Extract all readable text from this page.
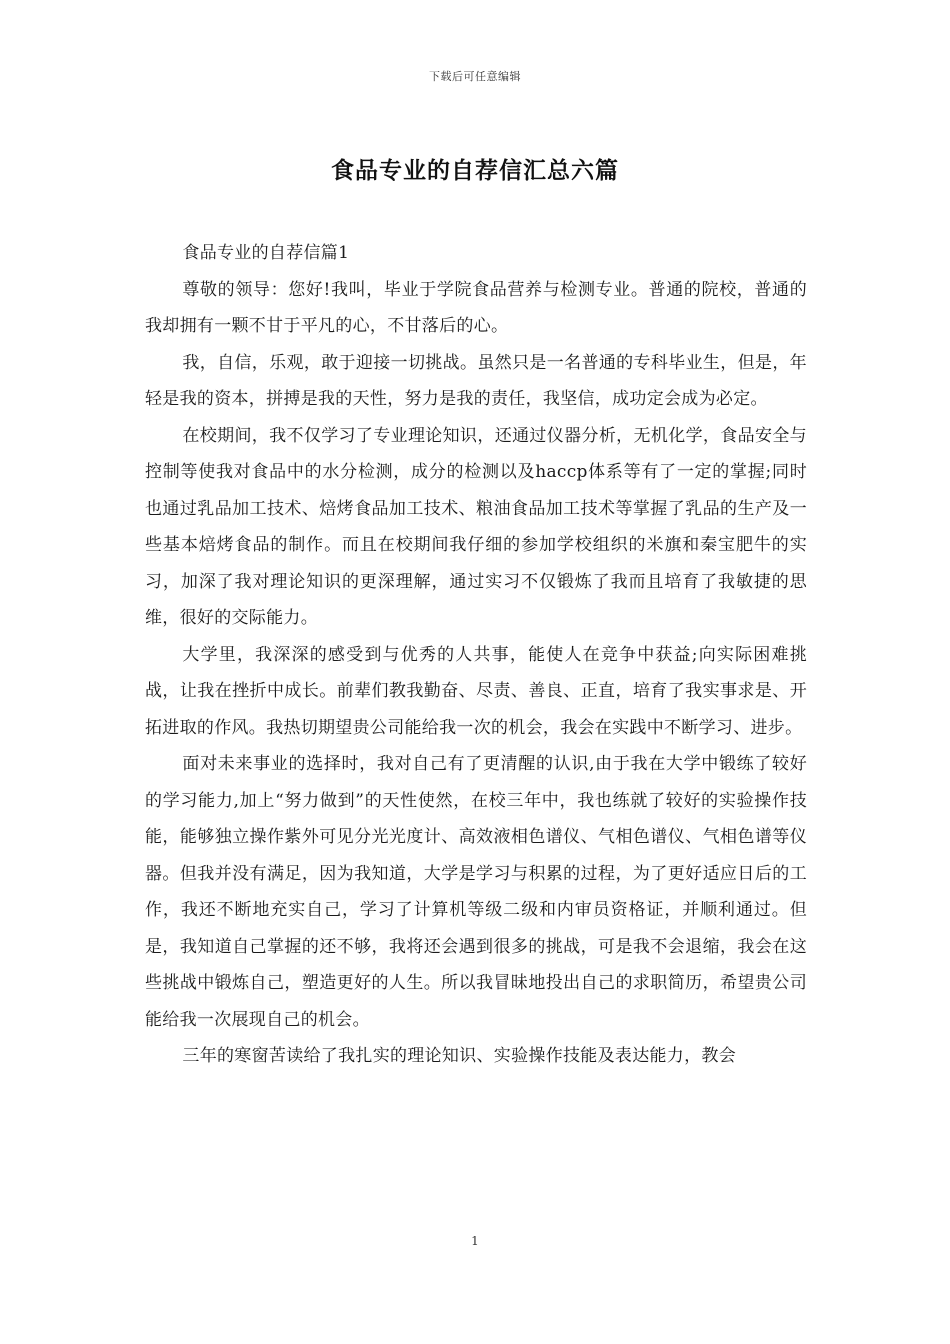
下载后可任意编辑
食品专业的自荐信汇总六篇

食品专业的自荐信篇1

尊敬的领导：您好!我叫，毕业于学院食品营养与检测专业。普通的院校，普通的我却拥有一颗不甘于平凡的心，不甘落后的心。

我，自信，乐观，敢于迎接一切挑战。虽然只是一名普通的专科毕业生，但是，年轻是我的资本，拼搏是我的天性，努力是我的责任，我坚信，成功定会成为必定。

在校期间，我不仅学习了专业理论知识，还通过仪器分析，无机化学，食品安全与控制等使我对食品中的水分检测，成分的检测以及haccp体系等有了一定的掌握;同时也通过乳品加工技术、焙烤食品加工技术、粮油食品加工技术等掌握了乳品的生产及一些基本焙烤食品的制作。而且在校期间我仔细的参加学校组织的米旗和秦宝肥牛的实习，加深了我对理论知识的更深理解，通过实习不仅锻炼了我而且培育了我敏捷的思维，很好的交际能力。

大学里，我深深的感受到与优秀的人共事，能使人在竞争中获益;向实际困难挑战，让我在挫折中成长。前辈们教我勤奋、尽责、善良、正直，培育了我实事求是、开拓进取的作风。我热切期望贵公司能给我一次的机会，我会在实践中不断学习、进步。

面对未来事业的选择时，我对自己有了更清醒的认识,由于我在大学中锻练了较好的学习能力,加上“努力做到”的天性使然，在校三年中，我也练就了较好的实验操作技能，能够独立操作紫外可见分光光度计、高效液相色谱仪、气相色谱仪、气相色谱等仪器。但我并没有满足，因为我知道，大学是学习与积累的过程，为了更好适应日后的工作，我还不断地充实自己，学习了计算机等级二级和内审员资格证，并顺利通过。但是，我知道自己掌握的还不够，我将还会遇到很多的挑战，可是我不会退缩，我会在这些挑战中锻炼自己，塑造更好的人生。所以我冒昧地投出自己的求职简历，希望贵公司能给我一次展现自己的机会。

三年的寒窗苦读给了我扎实的理论知识、实验操作技能及表达能力，教会

1
